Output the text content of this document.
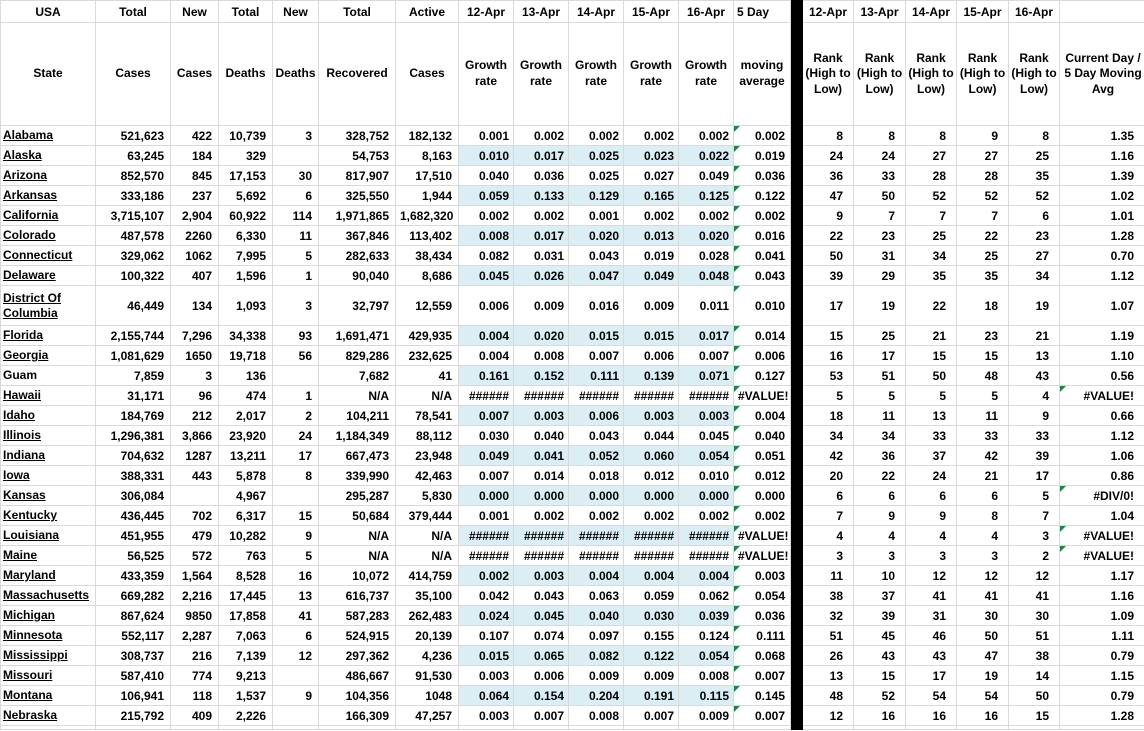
USA	Total	New	Total	New	Total	Active	12-Apr	13-Apr	14-Apr	15-Apr	16-Apr	5 Day		12-Apr	13-Apr	14-Apr	15-Apr	16-Apr	
State	Cases	Cases	Deaths	Deaths	Recovered	Cases	Growth rate	Growth rate	Growth rate	Growth rate	Growth rate	moving average		Rank (High to Low)	Rank (High to Low)	Rank (High to Low)	Rank (High to Low)	Rank (High to Low)	Current Day / 5 Day Moving Avg
Alabama	521,623	422	10,739	3	328,752	182,132	0.001	0.002	0.002	0.002	0.002	0.002		8	8	8	9	8	1.35
Alaska	63,245	184	329		54,753	8,163	0.010	0.017	0.025	0.023	0.022	0.019		24	24	27	27	25	1.16
Arizona	852,570	845	17,153	30	817,907	17,510	0.040	0.036	0.025	0.027	0.049	0.036		36	33	28	28	35	1.39
Arkansas	333,186	237	5,692	6	325,550	1,944	0.059	0.133	0.129	0.165	0.125	0.122		47	50	52	52	52	1.02
California	3,715,107	2,904	60,922	114	1,971,865	1,682,320	0.002	0.002	0.001	0.002	0.002	0.002		9	7	7	7	6	1.01
Colorado	487,578	2260	6,330	11	367,846	113,402	0.008	0.017	0.020	0.013	0.020	0.016		22	23	25	22	23	1.28
Connecticut	329,062	1062	7,995	5	282,633	38,434	0.082	0.031	0.043	0.019	0.028	0.041		50	31	34	25	27	0.70
Delaware	100,322	407	1,596	1	90,040	8,686	0.045	0.026	0.047	0.049	0.048	0.043		39	29	35	35	34	1.12
District Of Columbia	46,449	134	1,093	3	32,797	12,559	0.006	0.009	0.016	0.009	0.011	0.010		17	19	22	18	19	1.07
Florida	2,155,744	7,296	34,338	93	1,691,471	429,935	0.004	0.020	0.015	0.015	0.017	0.014		15	25	21	23	21	1.19
Georgia	1,081,629	1650	19,718	56	829,286	232,625	0.004	0.008	0.007	0.006	0.007	0.006		16	17	15	15	13	1.10
Guam	7,859	3	136		7,682	41	0.161	0.152	0.111	0.139	0.071	0.127		53	51	50	48	43	0.56
Hawaii	31,171	96	474	1	N/A	N/A	######	######	######	######	######	#VALUE!		5	5	5	5	4	#VALUE!
Idaho	184,769	212	2,017	2	104,211	78,541	0.007	0.003	0.006	0.003	0.003	0.004		18	11	13	11	9	0.66
Illinois	1,296,381	3,866	23,920	24	1,184,349	88,112	0.030	0.040	0.043	0.044	0.045	0.040		34	34	33	33	33	1.12
Indiana	704,632	1287	13,211	17	667,473	23,948	0.049	0.041	0.052	0.060	0.054	0.051		42	36	37	42	39	1.06
Iowa	388,331	443	5,878	8	339,990	42,463	0.007	0.014	0.018	0.012	0.010	0.012		20	22	24	21	17	0.86
Kansas	306,084		4,967		295,287	5,830	0.000	0.000	0.000	0.000	0.000	0.000		6	6	6	6	5	#DIV/0!
Kentucky	436,445	702	6,317	15	50,684	379,444	0.001	0.002	0.002	0.002	0.002	0.002		7	9	9	8	7	1.04
Louisiana	451,955	479	10,282	9	N/A	N/A	######	######	######	######	######	#VALUE!		4	4	4	4	3	#VALUE!
Maine	56,525	572	763	5	N/A	N/A	######	######	######	######	######	#VALUE!		3	3	3	3	2	#VALUE!
Maryland	433,359	1,564	8,528	16	10,072	414,759	0.002	0.003	0.004	0.004	0.004	0.003		11	10	12	12	12	1.17
Massachusetts	669,282	2,216	17,445	13	616,737	35,100	0.042	0.043	0.063	0.059	0.062	0.054		38	37	41	41	41	1.16
Michigan	867,624	9850	17,858	41	587,283	262,483	0.024	0.045	0.040	0.030	0.039	0.036		32	39	31	30	30	1.09
Minnesota	552,117	2,287	7,063	6	524,915	20,139	0.107	0.074	0.097	0.155	0.124	0.111		51	45	46	50	51	1.11
Mississippi	308,737	216	7,139	12	297,362	4,236	0.015	0.065	0.082	0.122	0.054	0.068		26	43	43	47	38	0.79
Missouri	587,410	774	9,213		486,667	91,530	0.003	0.006	0.009	0.009	0.008	0.007		13	15	17	19	14	1.15
Montana	106,941	118	1,537	9	104,356	1048	0.064	0.154	0.204	0.191	0.115	0.145		48	52	54	54	50	0.79
Nebraska	215,792	409	2,226		166,309	47,257	0.003	0.007	0.008	0.007	0.009	0.007		12	16	16	16	15	1.28
